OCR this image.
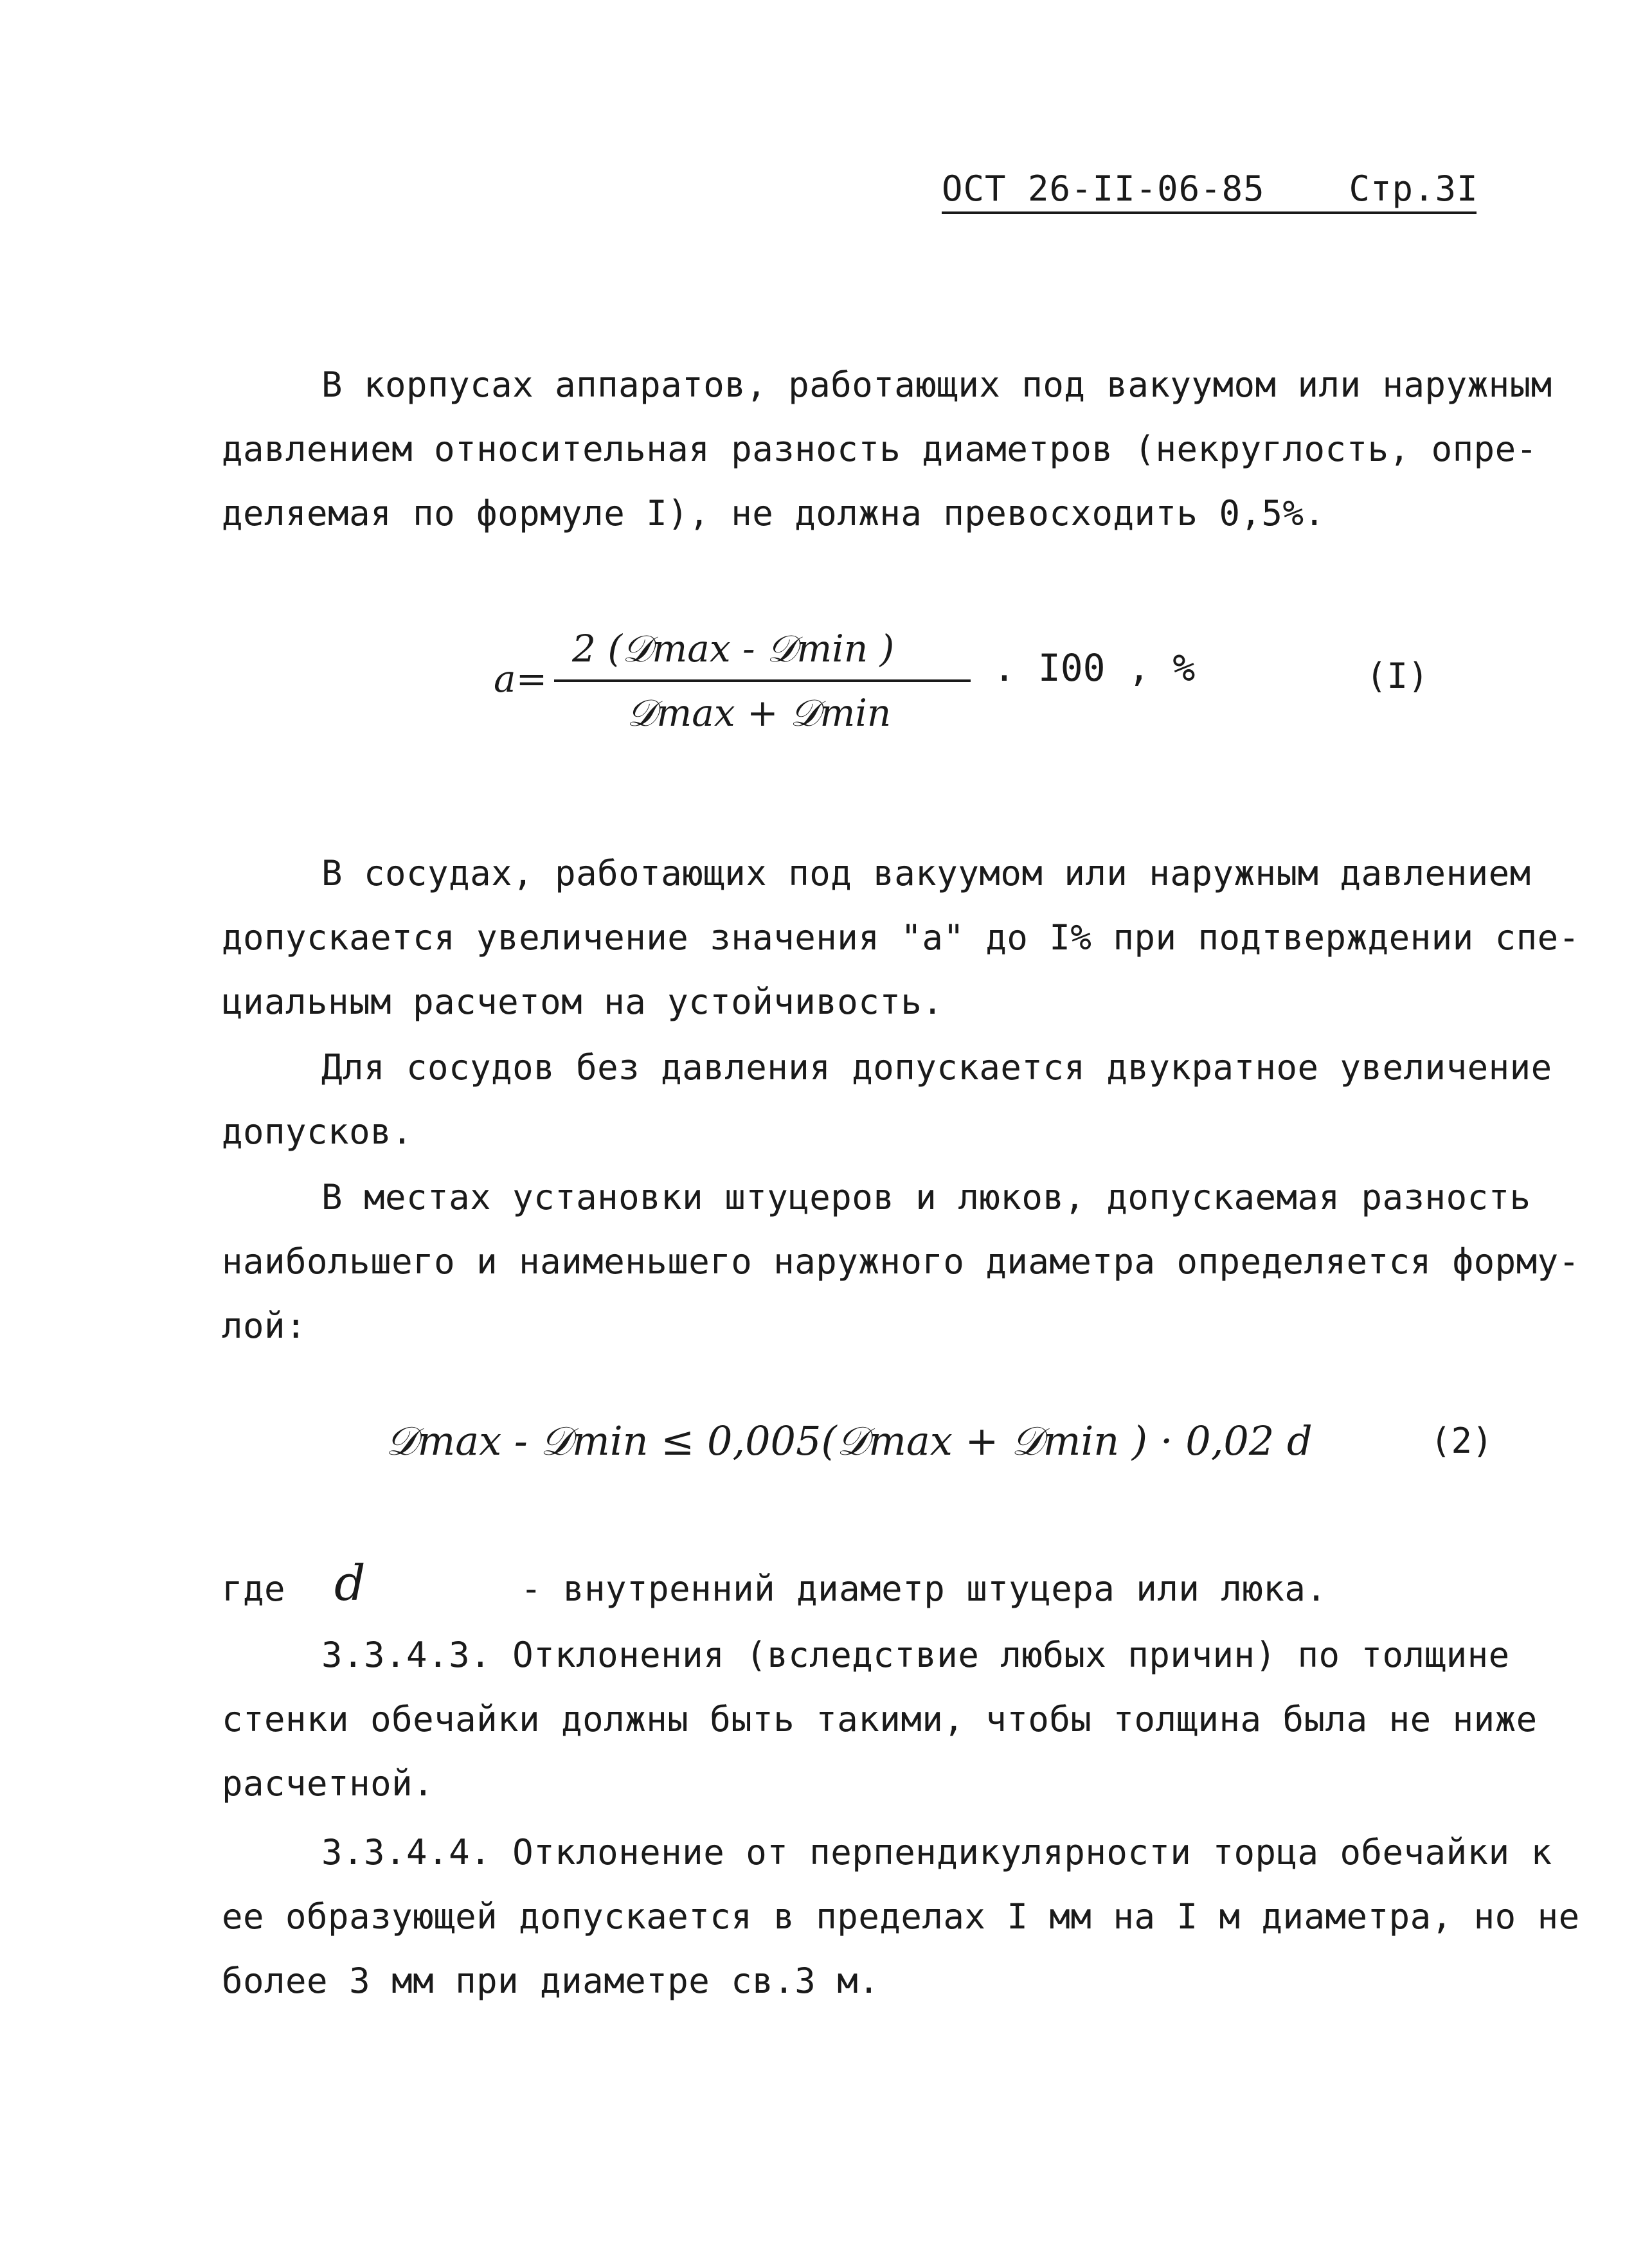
ОСТ 26-II-06-85 Стр.3I
В корпусах аппаратов, работающих под вакуумом или наружным
давлением относительная разность диаметров (некруглость, опре-
деляемая по формуле I), не должна превосходить 0,5%.
a=
2 (𝒟max - 𝒟min )
𝒟max + 𝒟min
. I00 , %	(I)
В сосудах, работающих под вакуумом или наружным давлением
допускается увеличение значения "а" до I% при подтверждении спе-
циальным расчетом на устойчивость.
Для сосудов без давления допускается двукратное увеличение
допусков.
В местах установки штуцеров и люков, допускаемая разность
наибольшего и наименьшего наружного диаметра определяется форму-
лой:
𝒟max - 𝒟min ≤ 0,005(𝒟max + 𝒟min ) · 0,02 d	(2)
где d	- внутренний диаметр штуцера или люка.
3.3.4.3. Отклонения (вследствие любых причин) по толщине
стенки обечайки должны быть такими, чтобы толщина была не ниже
расчетной.
3.3.4.4. Отклонение от перпендикулярности торца обечайки к
ее образующей допускается в пределах I мм на I м диаметра, но не
более 3 мм при диаметре св.3 м.
